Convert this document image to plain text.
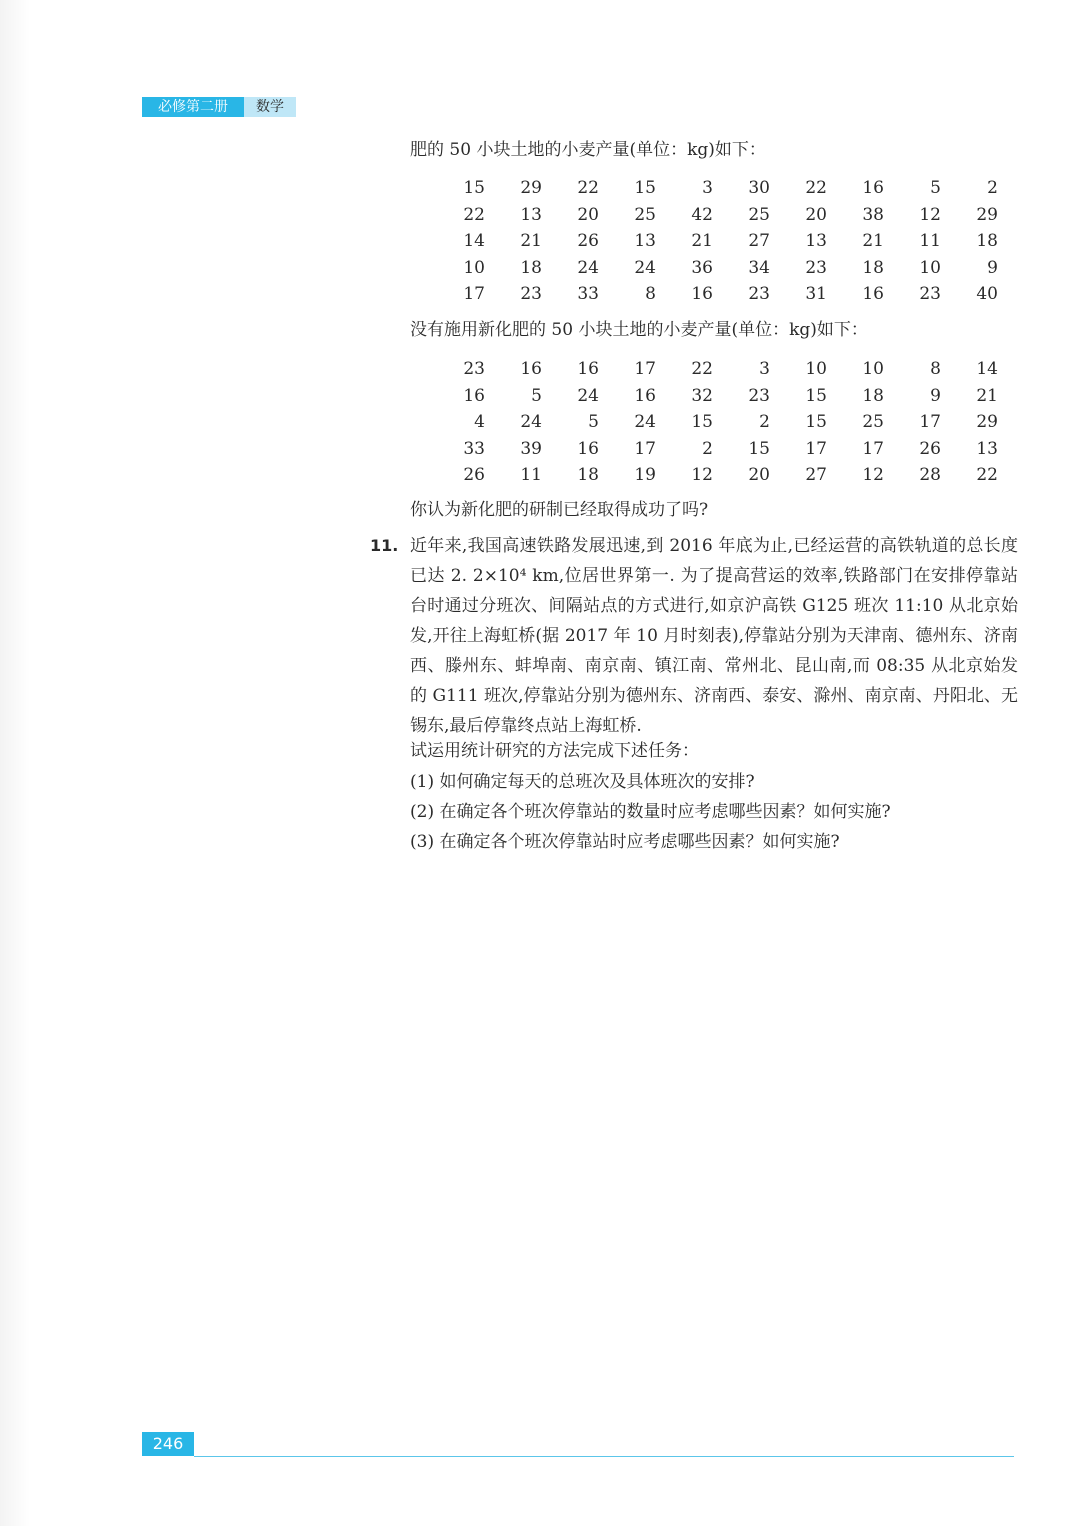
必修第二册	数学
肥的 50 小块土地的小麦产量(单位：kg)如下：
15	29	22	15	3	30	22	16	5	2
22	13	20	25	42	25	20	38	12	29
14	21	26	13	21	27	13	21	11	18
10	18	24	24	36	34	23	18	10	9
17	23	33	8	16	23	31	16	23	40
没有施用新化肥的 50 小块土地的小麦产量(单位：kg)如下：
23	16	16	17	22	3	10	10	8	14
16	5	24	16	32	23	15	18	9	21
4	24	5	24	15	2	15	25	17	29
33	39	16	17	2	15	17	17	26	13
26	11	18	19	12	20	27	12	28	22
你认为新化肥的研制已经取得成功了吗?
11. 近年来,我国高速铁路发展迅速,到 2016 年底为止,已经运营的高铁轨道的总长度已达 2. 2×10⁴ km,位居世界第一. 为了提高营运的效率,铁路部门在安排停靠站台时通过分班次、间隔站点的方式进行,如京沪高铁 G125 班次 11:10 从北京始发,开往上海虹桥(据 2017 年 10 月时刻表),停靠站分别为天津南、德州东、济南西、滕州东、蚌埠南、南京南、镇江南、常州北、昆山南,而 08:35 从北京始发的 G111 班次,停靠站分别为德州东、济南西、泰安、滁州、南京南、丹阳北、无锡东,最后停靠终点站上海虹桥.
试运用统计研究的方法完成下述任务：
(1) 如何确定每天的总班次及具体班次的安排?
(2) 在确定各个班次停靠站的数量时应考虑哪些因素？如何实施?
(3) 在确定各个班次停靠站时应考虑哪些因素？如何实施?
246
